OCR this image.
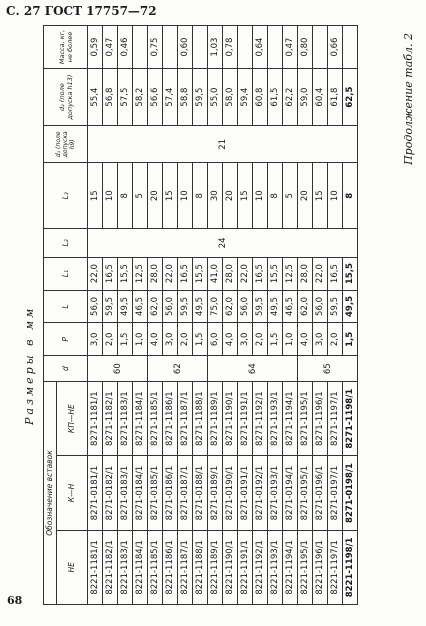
С. 27 ГОСТ 17757—72
68
Размеры в мм
Продолжение табл. 2
Обозначение вставок			d	P	L	L₁	L₂	L₃	d₁ (поле допуска h9)	d₂ (поле допуска h13)	Масса, кг, не более
НЕ	К—Н	КП—НЕ									
8221-1181/1	8271-0181/1	8271-1181/1	60	3,0	56,0	22,0	24	15	21	55,4	0,59
8221-1182/1	8271-0182/1	8271-1182/1		2,0	59,5	16,5		10		56,8	0,47
8221-1183/1	8271-0183/1	8271-1183/1		1,5	49,5	15,5		8		57,5	0,46
8221-1184/1	8271-0184/1	8271-1184/1		1,0	46,5	12,5		5		58,2	
8221-1185/1	8271-0185/1	8271-1185/1	62	4,0	62,0	28,0		20		56,6	0,75
8221-1186/1	8271-0186/1	8271-1186/1		3,0	56,0	22,0		15		57,4	
8221-1187/1	8271-0187/1	8271-1187/1		2,0	59,5	16,5		10		58,8	0,60
8221-1188/1	8271-0188/1	8271-1188/1		1,5	49,5	15,5		8		59,5	
8221-1189/1	8271-0189/1	8271-1189/1	64	6,0	75,0	41,0		30		55,0	1,03
8221-1190/1	8271-0190/1	8271-1190/1		4,0	62,0	28,0		20		58,0	0,78
8221-1191/1	8271-0191/1	8271-1191/1		3,0	56,0	22,0		15		59,4	
8221-1192/1	8271-0192/1	8271-1192/1		2,0	59,5	16,5		10		60,8	0,64
8221-1193/1	8271-0193/1	8271-1193/1		1,5	49,5	15,5		8		61,5	
8221-1194/1	8271-0194/1	8271-1194/1		1,0	46,5	12,5		5		62,2	0,47
8221-1195/1	8271-0195/1	8271-1195/1	65	4,0	62,0	28,0		20		59,0	0,80
8221-1196/1	8271-0196/1	8271-1196/1		3,0	56,0	22,0		15		60,4	
8221-1197/1	8271-0197/1	8271-1197/1		2,0	59,5	16,5		10		61,8	0,66
8221-1198/1	8271-0198/1	8271-1198/1		1,5	49,5	15,5		8		62,5	
